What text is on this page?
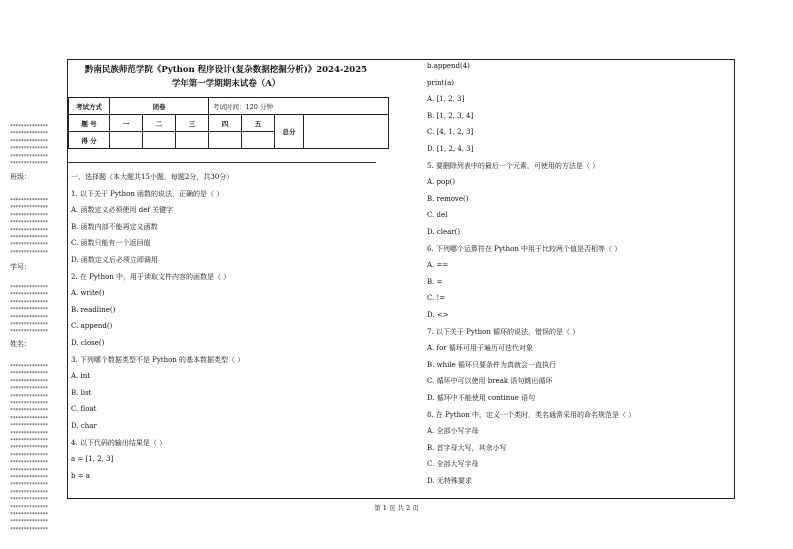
**************
**************
**************
**************
**************
**************
**************
**************
**************
**************
**************
**************
**************
**************
**************
**************
**************
**************
**************
**************
**************
**************
**************
**************
**************
**************
**************
**************
**************
**************
**************
**************
**************
**************
**************
**************
**************
**************
**************
**************
**************
**************
**************
**************
班级：
学号：
姓名：
黔南民族师范学院《Python 程序设计(复杂数据挖掘分析)》2024-2025
学年第一学期期末试卷（A）
考试方式	闭卷			考试时间：120 分钟			
题 号	一	二	三	四	五	总分	
得 分							
一、选择题（本大题共15小题，每题2分，共30分）
1. 以下关于 Python 函数的说法，正确的是（ ）
A. 函数定义必须使用 def 关键字
B. 函数内部不能再定义函数
C. 函数只能有一个返回值
D. 函数定义后必须立即调用
2. 在 Python 中，用于读取文件内容的函数是（ ）
A. write()
B. readline()
C. append()
D. close()
3. 下列哪个数据类型不是 Python 的基本数据类型（ ）
A. int
B. list
C. float
D. char
4. 以下代码的输出结果是（ ）
a = [1, 2, 3]
b = a
b.append(4)
print(a)
A. [1, 2, 3]
B. [1, 2, 3, 4]
C. [4, 1, 2, 3]
D. [1, 2, 4, 3]
5. 要删除列表中的最后一个元素，可使用的方法是（ ）
A. pop()
B. remove()
C. del
D. clear()
6. 下列哪个运算符在 Python 中用于比较两个值是否相等（ ）
A. ==
B. =
C. !=
D. <>
7. 以下关于 Python 循环的说法，错误的是（ ）
A. for 循环可用于遍历可迭代对象
B. while 循环只要条件为真就会一直执行
C. 循环中可以使用 break 语句跳出循环
D. 循环中不能使用 continue 语句
8. 在 Python 中，定义一个类时，类名通常采用的命名规范是（ ）
A. 全部小写字母
B. 首字母大写，其余小写
C. 全部大写字母
D. 无特殊要求
第 1 页 共 2 页
